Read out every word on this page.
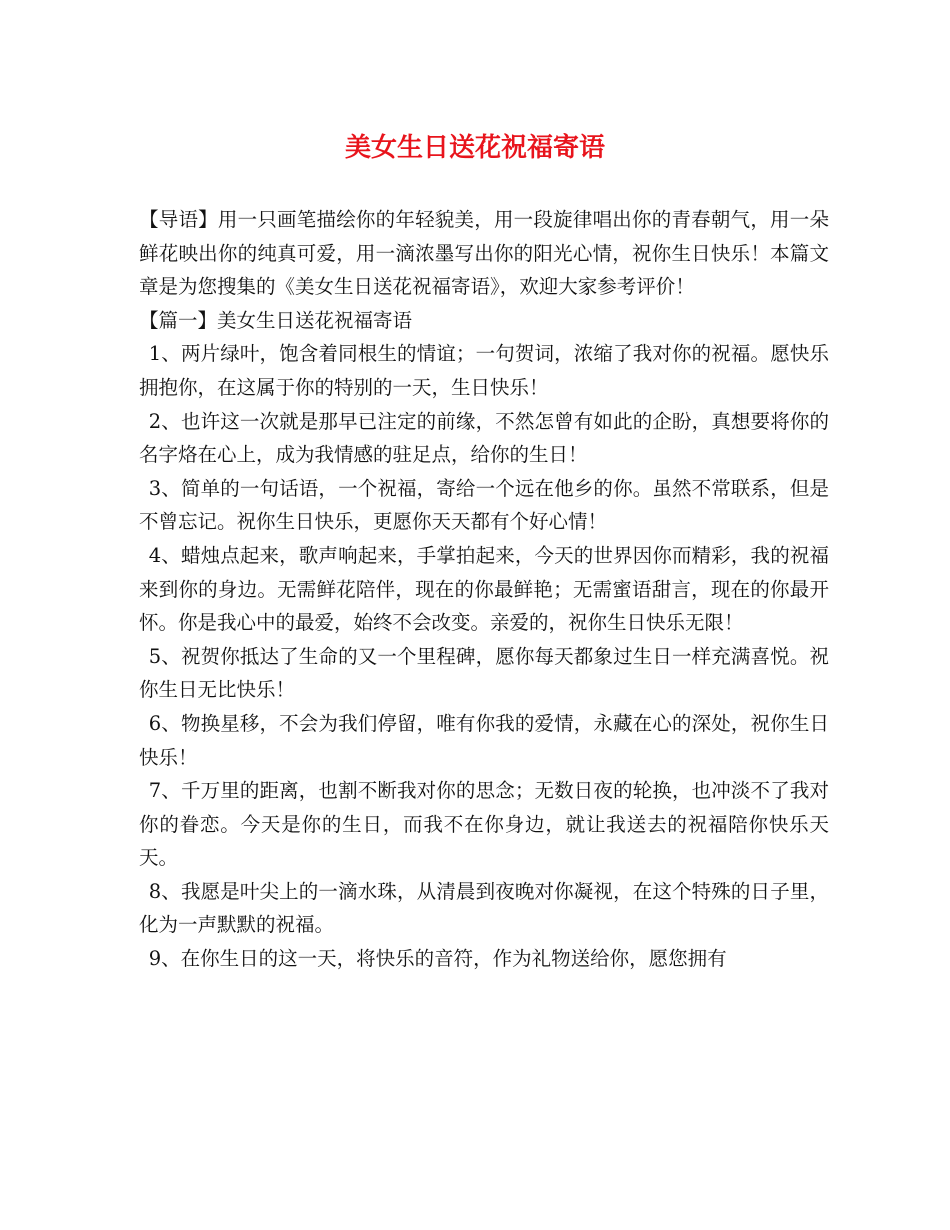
美女生日送花祝福寄语

【导语】用一只画笔描绘你的年轻貌美，用一段旋律唱出你的青春朝气，用一朵鲜花映出你的纯真可爱，用一滴浓墨写出你的阳光心情，祝你生日快乐！本篇文章是为您搜集的《美女生日送花祝福寄语》，欢迎大家参考评价！

【篇一】美女生日送花祝福寄语

1、两片绿叶，饱含着同根生的情谊；一句贺词，浓缩了我对你的祝福。愿快乐拥抱你，在这属于你的特别的一天，生日快乐！

2、也许这一次就是那早已注定的前缘，不然怎曾有如此的企盼，真想要将你的名字烙在心上，成为我情感的驻足点，给你的生日！

3、简单的一句话语，一个祝福，寄给一个远在他乡的你。虽然不常联系，但是不曾忘记。祝你生日快乐，更愿你天天都有个好心情！

4、蜡烛点起来，歌声响起来，手掌拍起来，今天的世界因你而精彩，我的祝福来到你的身边。无需鲜花陪伴，现在的你最鲜艳；无需蜜语甜言，现在的你最开怀。你是我心中的最爱，始终不会改变。亲爱的，祝你生日快乐无限！

5、祝贺你抵达了生命的又一个里程碑，愿你每天都象过生日一样充满喜悦。祝你生日无比快乐！

6、物换星移，不会为我们停留，唯有你我的爱情，永藏在心的深处，祝你生日快乐！

7、千万里的距离，也割不断我对你的思念；无数日夜的轮换，也冲淡不了我对你的眷恋。今天是你的生日，而我不在你身边，就让我送去的祝福陪你快乐天天。

8、我愿是叶尖上的一滴水珠，从清晨到夜晚对你凝视，在这个特殊的日子里，化为一声默默的祝福。

9、在你生日的这一天，将快乐的音符，作为礼物送给你，愿您拥有
